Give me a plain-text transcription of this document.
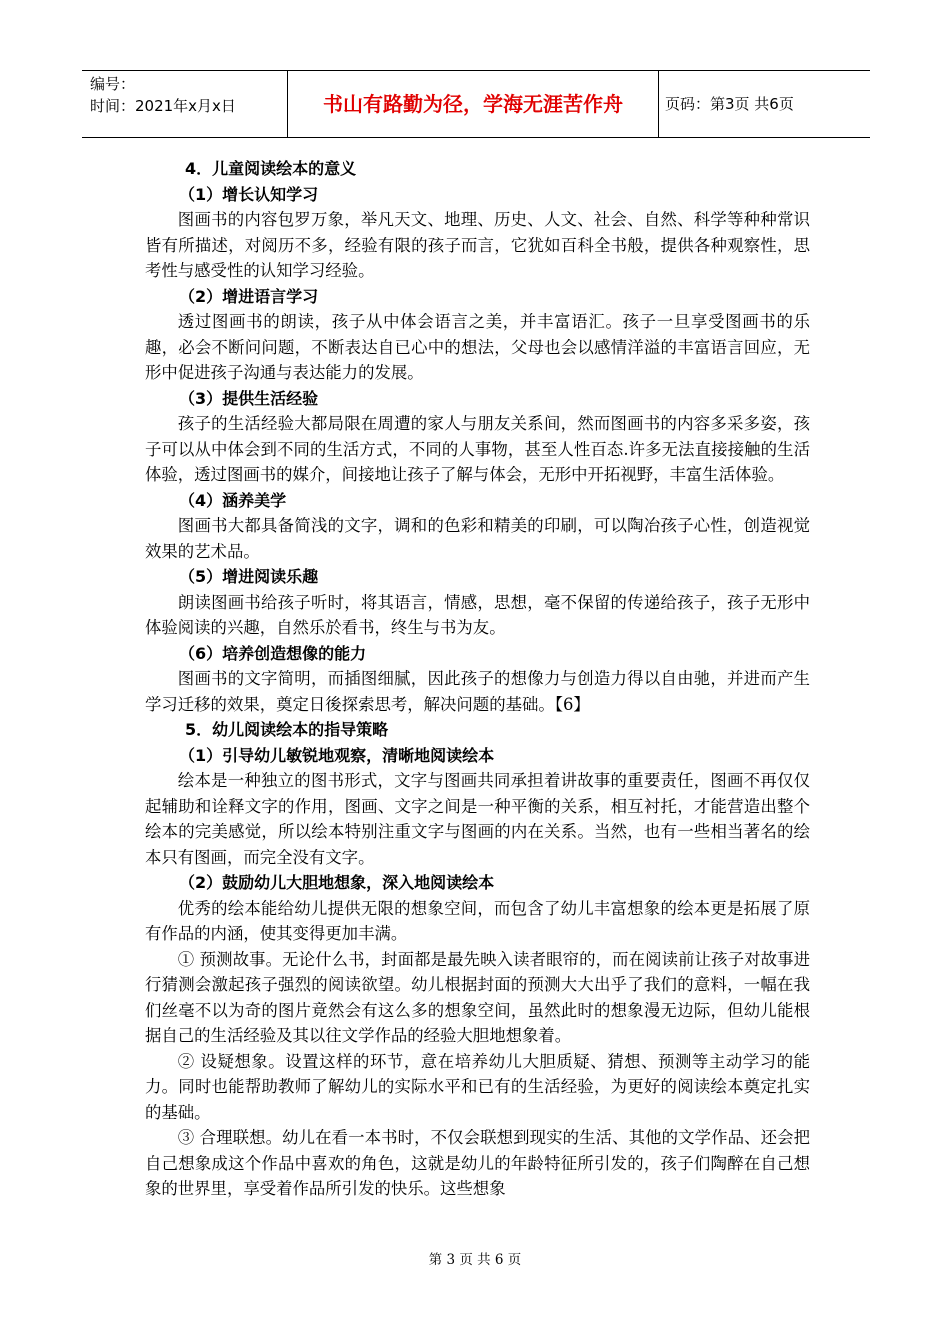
编号：
时间：2021年x月x日	书山有路勤为径，学海无涯苦作舟	页码：第3页 共6页

4．儿童阅读绘本的意义

（1）增长认知学习

图画书的内容包罗万象，举凡天文、地理、历史、人文、社会、自然、科学等种种常识皆有所描述，对阅历不多，经验有限的孩子而言，它犹如百科全书般，提供各种观察性，思考性与感受性的认知学习经验。

（2）增进语言学习

透过图画书的朗读，孩子从中体会语言之美，并丰富语汇。孩子一旦享受图画书的乐趣，必会不断问问题，不断表达自已心中的想法，父母也会以感情洋溢的丰富语言回应，无形中促进孩子沟通与表达能力的发展。

（3）提供生活经验

孩子的生活经验大都局限在周遭的家人与朋友关系间，然而图画书的内容多采多姿，孩子可以从中体会到不同的生活方式，不同的人事物，甚至人性百态.许多无法直接接触的生活体验，透过图画书的媒介，间接地让孩子了解与体会，无形中开拓视野，丰富生活体验。

（4）涵养美学

图画书大都具备简浅的文字，调和的色彩和精美的印刷，可以陶冶孩子心性，创造视觉效果的艺术品。

（5）增进阅读乐趣

朗读图画书给孩子听时，将其语言，情感，思想，毫不保留的传递给孩子，孩子无形中体验阅读的兴趣，自然乐於看书，终生与书为友。

（6）培养创造想像的能力

图画书的文字简明，而插图细腻，因此孩子的想像力与创造力得以自由驰，并进而产生学习迁移的效果，奠定日後探索思考，解决问题的基础。【6】

5．幼儿阅读绘本的指导策略

（1）引导幼儿敏锐地观察，清晰地阅读绘本

绘本是一种独立的图书形式，文字与图画共同承担着讲故事的重要责任，图画不再仅仅起辅助和诠释文字的作用，图画、文字之间是一种平衡的关系，相互衬托，才能营造出整个绘本的完美感觉，所以绘本特别注重文字与图画的内在关系。当然，也有一些相当著名的绘本只有图画，而完全没有文字。

（2）鼓励幼儿大胆地想象，深入地阅读绘本

优秀的绘本能给幼儿提供无限的想象空间，而包含了幼儿丰富想象的绘本更是拓展了原有作品的内涵，使其变得更加丰满。

① 预测故事。无论什么书，封面都是最先映入读者眼帘的，而在阅读前让孩子对故事进行猜测会激起孩子强烈的阅读欲望。幼儿根据封面的预测大大出乎了我们的意料，一幅在我们丝毫不以为奇的图片竟然会有这么多的想象空间，虽然此时的想象漫无边际，但幼儿能根据自己的生活经验及其以往文学作品的经验大胆地想象着。

② 设疑想象。设置这样的环节，意在培养幼儿大胆质疑、猜想、预测等主动学习的能力。同时也能帮助教师了解幼儿的实际水平和已有的生活经验，为更好的阅读绘本奠定扎实的基础。

③ 合理联想。幼儿在看一本书时，不仅会联想到现实的生活、其他的文学作品、还会把自己想象成这个作品中喜欢的角色，这就是幼儿的年龄特征所引发的，孩子们陶醉在自己想象的世界里，享受着作品所引发的快乐。这些想象

第 3 页 共 6 页
